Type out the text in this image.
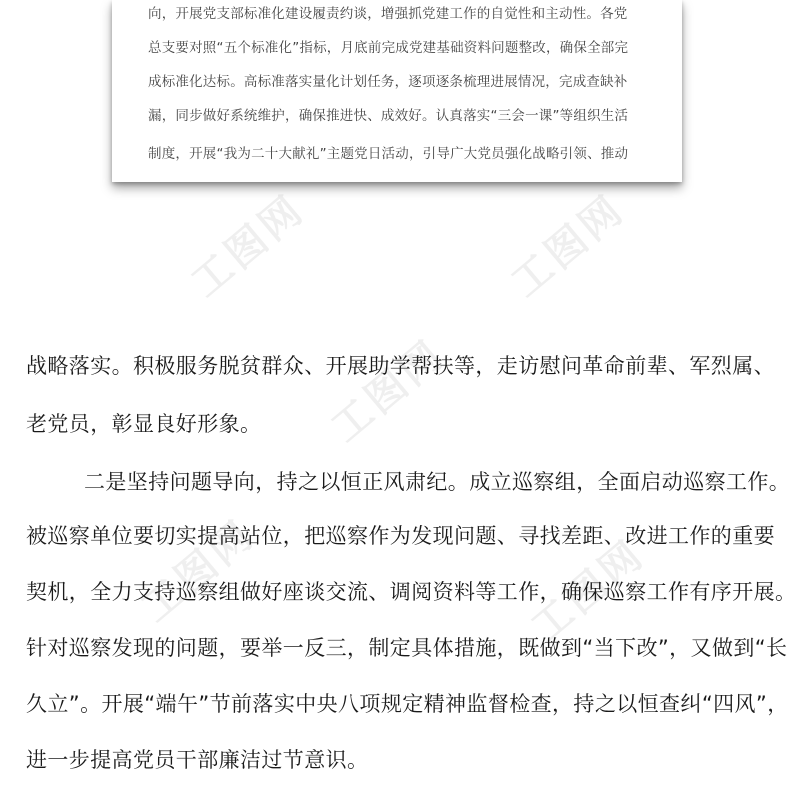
工图网	工图网
工图网
工图网	工图网
向，开展党支部标准化建设履责约谈，增强抓党建工作的自觉性和主动性。各党
总支要对照“五个标准化”指标，月底前完成党建基础资料问题整改，确保全部完
成标准化达标。高标准落实量化计划任务，逐项逐条梳理进展情况，完成查缺补
漏，同步做好系统维护，确保推进快、成效好。认真落实“三会一课”等组织生活
制度，开展“我为二十大献礼”主题党日活动，引导广大党员强化战略引领、推动
战略落实。积极服务脱贫群众、开展助学帮扶等，走访慰问革命前辈、军烈属、
老党员，彰显良好形象。
二是坚持问题导向，持之以恒正风肃纪。成立巡察组，全面启动巡察工作。
被巡察单位要切实提高站位，把巡察作为发现问题、寻找差距、改进工作的重要
契机，全力支持巡察组做好座谈交流、调阅资料等工作，确保巡察工作有序开展。
针对巡察发现的问题，要举一反三，制定具体措施，既做到“当下改”，又做到“长
久立”。开展“端午”节前落实中央八项规定精神监督检查，持之以恒查纠“四风”，
进一步提高党员干部廉洁过节意识。
